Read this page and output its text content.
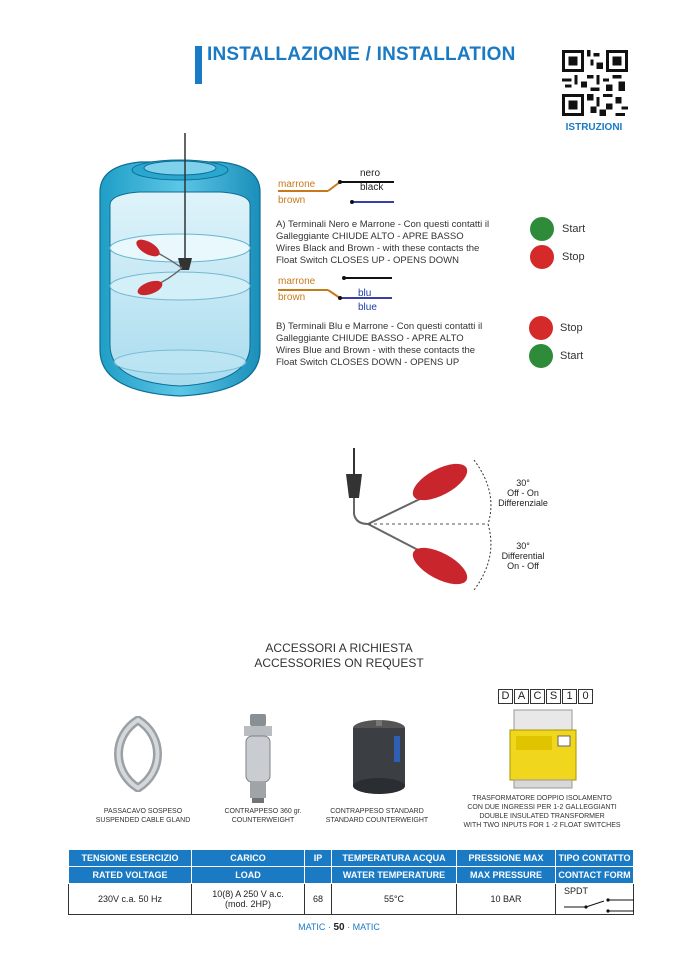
INSTALLAZIONE / INSTALLATION
ISTRUZIONI
nero
black
marrone
brown
A) Terminali Nero e Marrone - Con questi contatti il
Galleggiante CHIUDE ALTO - APRE BASSO
Wires Black and Brown - with these contacts the
Float Switch CLOSES UP - OPENS DOWN
Start
Stop
marrone
brown	blu
blue
B) Terminali Blu e Marrone - Con questi contatti il
Galleggiante CHIUDE BASSO - APRE ALTO
Wires Blue and Brown - with these contacts the
Float Switch CLOSES DOWN - OPENS UP
Stop
Start
30°
Off - On
Differenziale
30°
Differential
On - Off
ACCESSORI A RICHIESTA
ACCESSORIES ON REQUEST
D A C S 1 0
PASSACAVO SOSPESO
SUSPENDED CABLE GLAND
CONTRAPPESO 360 gr.
COUNTERWEIGHT
CONTRAPPESO STANDARD
STANDARD COUNTERWEIGHT
TRASFORMATORE DOPPIO ISOLAMENTO
CON DUE INGRESSI PER 1-2 GALLEGGIANTI
DOUBLE INSULATED TRANSFORMER
WITH TWO INPUTS FOR 1 -2 FLOAT SWITCHES
TENSIONE ESERCIZIO	CARICO	IP	TEMPERATURA ACQUA	PRESSIONE MAX	TIPO CONTATTO
RATED VOLTAGE	LOAD		WATER TEMPERATURE	MAX PRESSURE	CONTACT FORM
230V c.a. 50 Hz	10(8) A 250 V a.c.
(mod. 2HP)	68	55°C	10 BAR	SPDT
MATIC · 50 · MATIC
